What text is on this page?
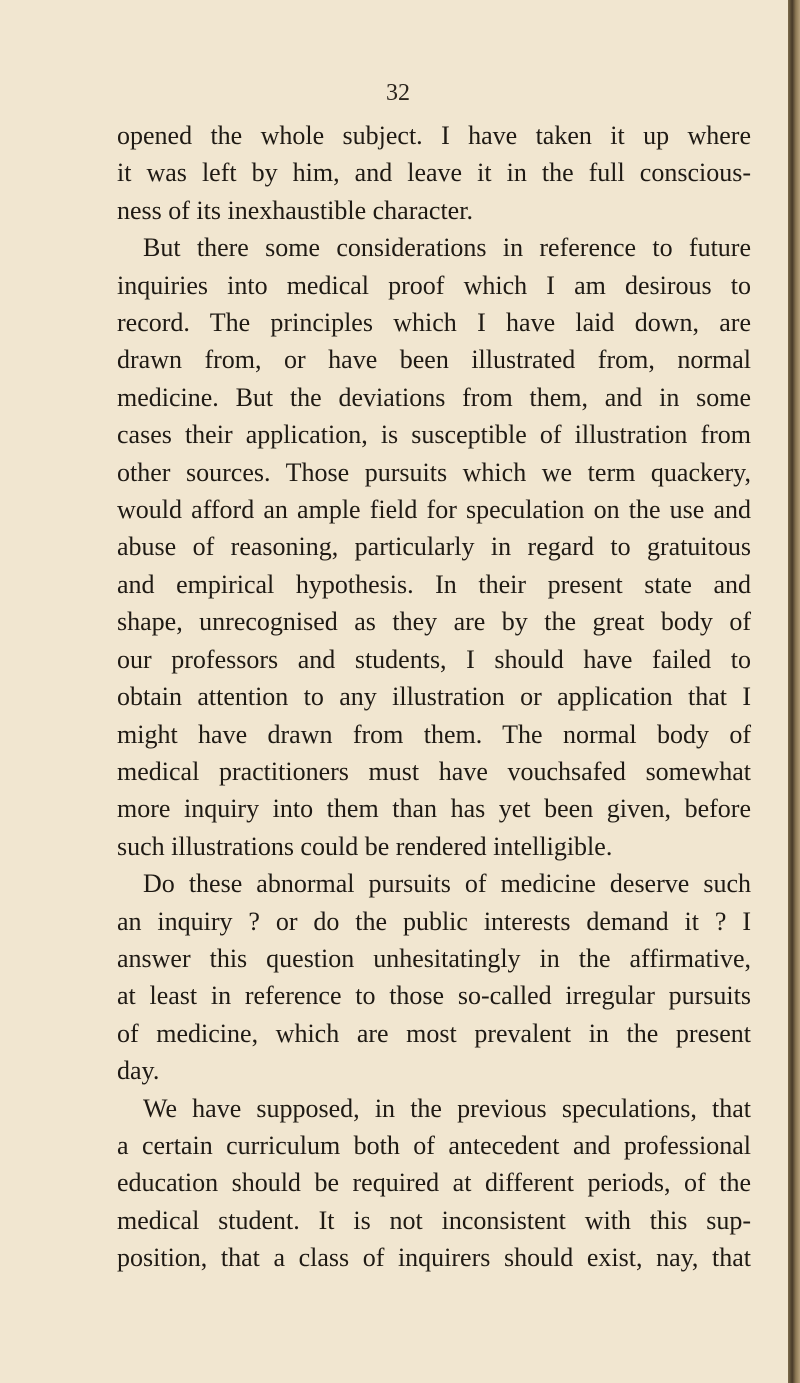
32
opened the whole subject. I have taken it up where
it was left by him, and leave it in the full conscious-
ness of its inexhaustible character.
But there some considerations in reference to future
inquiries into medical proof which I am desirous to
record. The principles which I have laid down, are
drawn from, or have been illustrated from, normal
medicine. But the deviations from them, and in some
cases their application, is susceptible of illustration from
other sources. Those pursuits which we term quackery,
would afford an ample field for speculation on the use and
abuse of reasoning, particularly in regard to gratuitous
and empirical hypothesis. In their present state and
shape, unrecognised as they are by the great body of
our professors and students, I should have failed to
obtain attention to any illustration or application that I
might have drawn from them. The normal body of
medical practitioners must have vouchsafed somewhat
more inquiry into them than has yet been given, before
such illustrations could be rendered intelligible.
Do these abnormal pursuits of medicine deserve such
an inquiry ? or do the public interests demand it ? I
answer this question unhesitatingly in the affirmative,
at least in reference to those so-called irregular pursuits
of medicine, which are most prevalent in the present
day.
We have supposed, in the previous speculations, that
a certain curriculum both of antecedent and professional
education should be required at different periods, of the
medical student. It is not inconsistent with this sup-
position, that a class of inquirers should exist, nay, that
